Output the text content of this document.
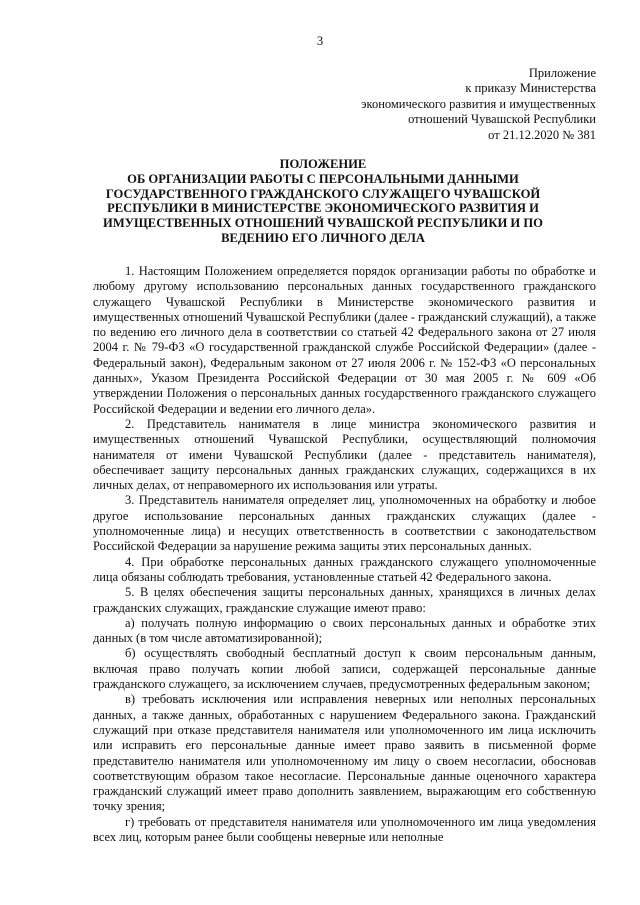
3
Приложение
к приказу Министерства
экономического развития и имущественных
отношений Чувашской Республики
от 21.12.2020 № 381
ПОЛОЖЕНИЕ
ОБ ОРГАНИЗАЦИИ РАБОТЫ С ПЕРСОНАЛЬНЫМИ ДАННЫМИ
ГОСУДАРСТВЕННОГО ГРАЖДАНСКОГО СЛУЖАЩЕГО ЧУВАШСКОЙ
РЕСПУБЛИКИ В МИНИСТЕРСТВЕ ЭКОНОМИЧЕСКОГО РАЗВИТИЯ И
ИМУЩЕСТВЕННЫХ ОТНОШЕНИЙ ЧУВАШСКОЙ РЕСПУБЛИКИ И ПО
ВЕДЕНИЮ ЕГО ЛИЧНОГО ДЕЛА

1. Настоящим Положением определяется порядок организации работы по обработке и любому другому использованию персональных данных государственного гражданского служащего Чувашской Республики в Министерстве экономического развития и имущественных отношений Чувашской Республики (далее - гражданский служащий), а также по ведению его личного дела в соответствии со статьей 42 Федерального закона от 27 июля 2004 г. № 79-ФЗ «О государственной гражданской службе Российской Федерации» (далее - Федеральный закон), Федеральным законом от 27 июля 2006 г. № 152-ФЗ «О персональных данных», Указом Президента Российской Федерации от 30 мая 2005 г. № 609 «Об утверждении Положения о персональных данных государственного гражданского служащего Российской Федерации и ведении его личного дела».

2. Представитель нанимателя в лице министра экономического развития и имущественных отношений Чувашской Республики, осуществляющий полномочия нанимателя от имени Чувашской Республики (далее - представитель нанимателя), обеспечивает защиту персональных данных гражданских служащих, содержащихся в их личных делах, от неправомерного их использования или утраты.

3. Представитель нанимателя определяет лиц, уполномоченных на обработку и любое другое использование персональных данных гражданских служащих (далее - уполномоченные лица) и несущих ответственность в соответствии с законодательством Российской Федерации за нарушение режима защиты этих персональных данных.

4. При обработке персональных данных гражданского служащего уполномоченные лица обязаны соблюдать требования, установленные статьей 42 Федерального закона.

5. В целях обеспечения защиты персональных данных, хранящихся в личных делах гражданских служащих, гражданские служащие имеют право:

а) получать полную информацию о своих персональных данных и обработке этих данных (в том числе автоматизированной);

б) осуществлять свободный бесплатный доступ к своим персональным данным, включая право получать копии любой записи, содержащей персональные данные гражданского служащего, за исключением случаев, предусмотренных федеральным законом;

в) требовать исключения или исправления неверных или неполных персональных данных, а также данных, обработанных с нарушением Федерального закона. Гражданский служащий при отказе представителя нанимателя или уполномоченного им лица исключить или исправить его персональные данные имеет право заявить в письменной форме представителю нанимателя или уполномоченному им лицу о своем несогласии, обосновав соответствующим образом такое несогласие. Персональные данные оценочного характера гражданский служащий имеет право дополнить заявлением, выражающим его собственную точку зрения;

г) требовать от представителя нанимателя или уполномоченного им лица уведомления всех лиц, которым ранее были сообщены неверные или неполные
